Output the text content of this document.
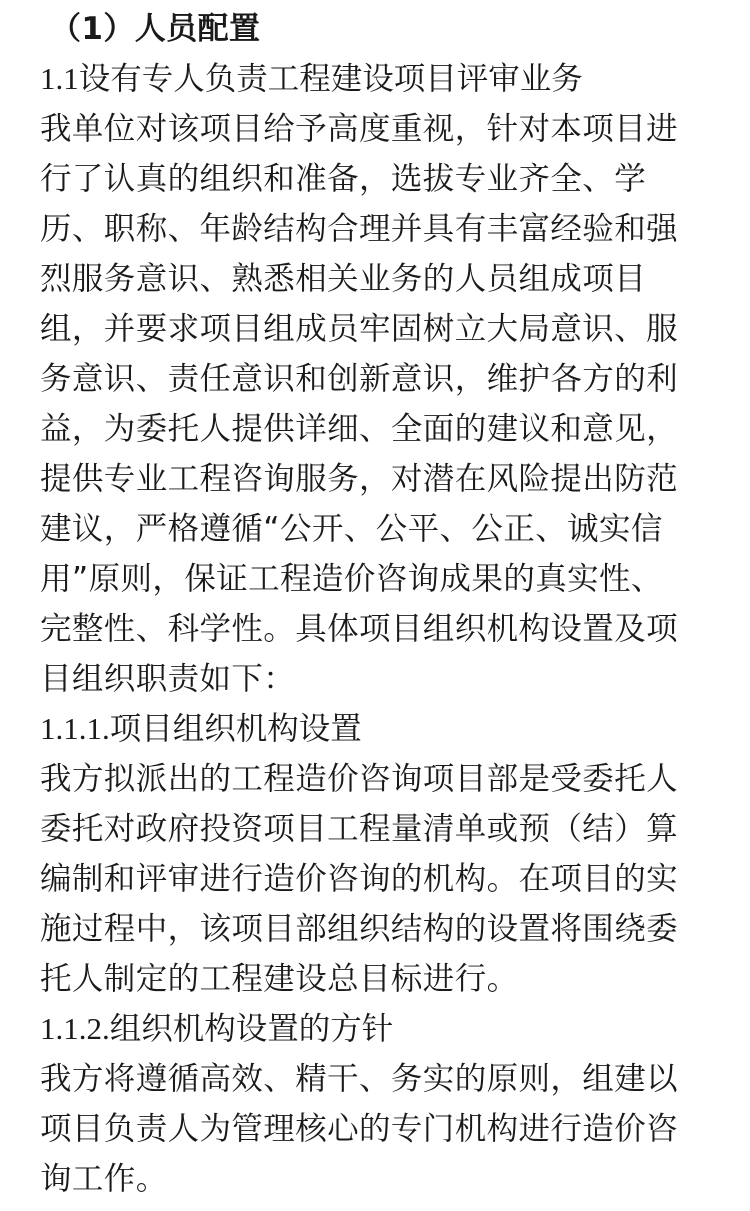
（1）人员配置
1.1设有专人负责工程建设项目评审业务
我单位对该项目给予高度重视，针对本项目进
行了认真的组织和准备，选拔专业齐全、学
历、职称、年龄结构合理并具有丰富经验和强
烈服务意识、熟悉相关业务的人员组成项目
组，并要求项目组成员牢固树立大局意识、服
务意识、责任意识和创新意识，维护各方的利
益，为委托人提供详细、全面的建议和意见，
提供专业工程咨询服务，对潜在风险提出防范
建议，严格遵循“公开、公平、公正、诚实信
用”原则，保证工程造价咨询成果的真实性、
完整性、科学性。具体项目组织机构设置及项
目组织职责如下：
1.1.1.项目组织机构设置
我方拟派出的工程造价咨询项目部是受委托人
委托对政府投资项目工程量清单或预（结）算
编制和评审进行造价咨询的机构。在项目的实
施过程中，该项目部组织结构的设置将围绕委
托人制定的工程建设总目标进行。
1.1.2.组织机构设置的方针
我方将遵循高效、精干、务实的原则，组建以
项目负责人为管理核心的专门机构进行造价咨
询工作。
